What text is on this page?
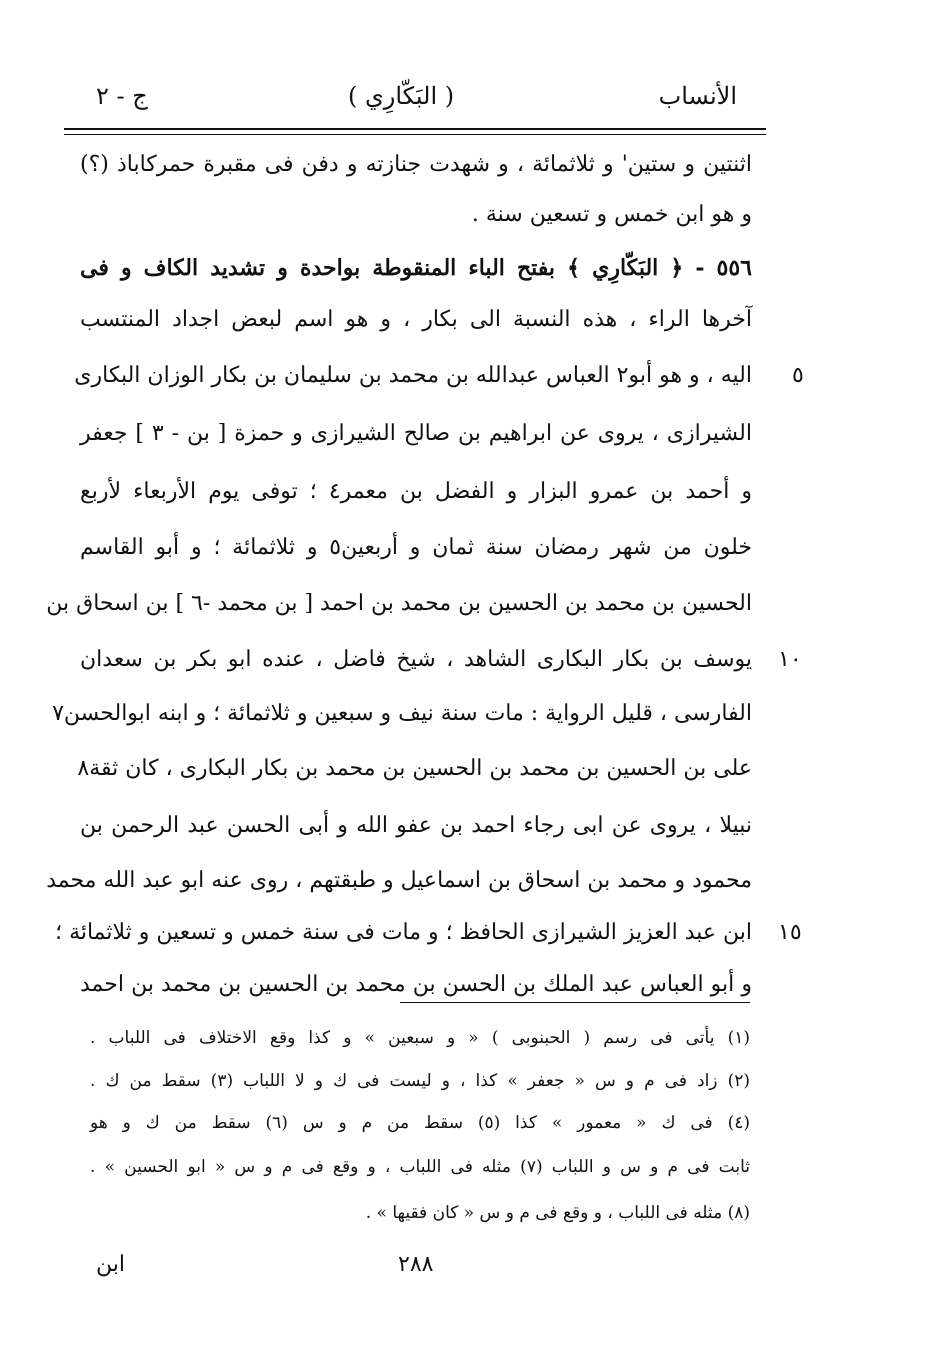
الأنساب
( البَكّارِي )
ج - ٢
اثنتين و ستين' و ثلاثمائة ، و شهدت جنازته و دفن فى مقبرة حمركاباذ (؟)
و هو ابن خمس و تسعين سنة .
٥٥٦ - ﴿ البَكّارِي ﴾ بفتح الباء المنقوطة بواحدة و تشديد الكاف و فى
آخرها الراء ، هذه النسبة الى بكار ، و هو اسم لبعض اجداد المنتسب
اليه ، و هو أبو٢ العباس عبدالله بن محمد بن سليمان بن بكار الوزان البكارى
الشيرازى ، يروى عن ابراهيم بن صالح الشيرازى و حمزة [ بن - ٣ ] جعفر
و أحمد بن عمرو البزار و الفضل بن معمر٤ ؛ توفى يوم الأربعاء لأربع
خلون من شهر رمضان سنة ثمان و أربعين٥ و ثلاثمائة ؛ و أبو القاسم
الحسين بن محمد بن الحسين بن محمد بن احمد [ بن محمد -٦ ] بن اسحاق بن
يوسف بن بكار البكارى الشاهد ، شيخ فاضل ، عنده ابو بكر بن سعدان
الفارسى ، قليل الرواية : مات سنة نيف و سبعين و ثلاثمائة ؛ و ابنه ابوالحسن٧
على بن الحسين بن محمد بن الحسين بن محمد بن بكار البكارى ، كان ثقة٨
نبيلا ، يروى عن ابى رجاء احمد بن عفو الله و أبى الحسن عبد الرحمن بن
محمود و محمد بن اسحاق بن اسماعيل و طبقتهم ، روى عنه ابو عبد الله محمد
ابن عبد العزيز الشيرازى الحافظ ؛ و مات فى سنة خمس و تسعين و ثلاثمائة ؛
و أبو العباس عبد الملك بن الحسن بن محمد بن الحسين بن محمد بن احمد
٥
١٠
١٥
(١) يأتى فى رسم ( الحبنوبى ) « و سبعين » و كذا وقع الاختلاف فى اللباب .
(٢) زاد فى م و س « جعفر » كذا ، و ليست فى ك و لا اللباب (٣) سقط من ك .
(٤) فى ك « معمور » كذا (٥) سقط من م و س (٦) سقط من ك و هو
ثابت فى م و س و اللباب (٧) مثله فى اللباب ، و وقع فى م و س « ابو الحسين » .
(٨) مثله فى اللباب ، و وقع فى م و س « كان فقيها » .
٢٨٨
ابن
